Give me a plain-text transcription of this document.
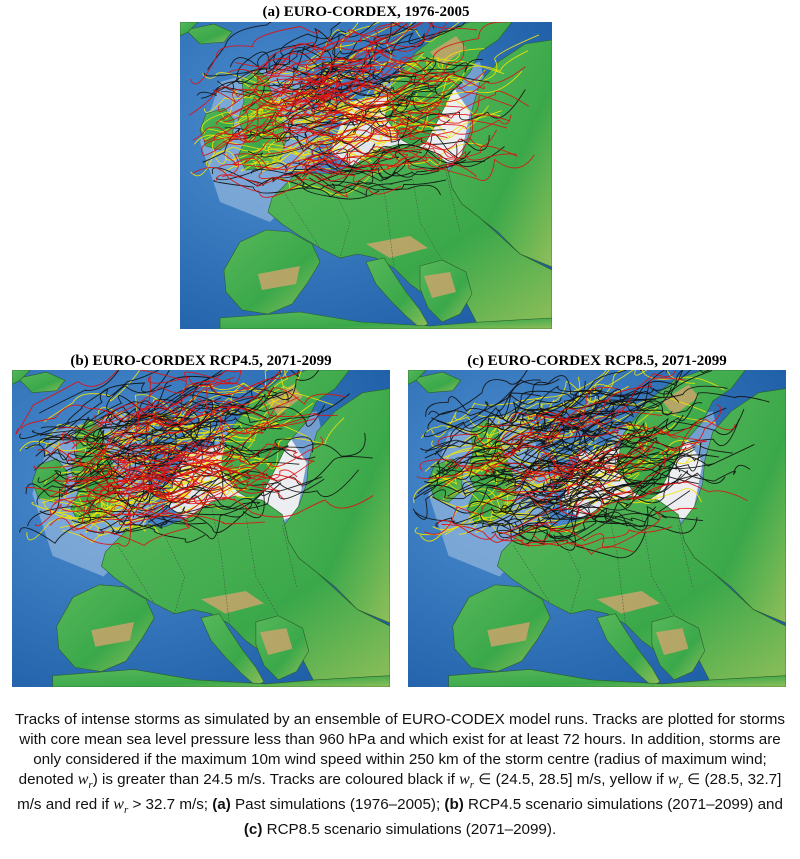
(a) EURO-CORDEX, 1976-2005
(b) EURO-CORDEX RCP4.5, 2071-2099	(c) EURO-CORDEX RCP8.5, 2071-2099
Tracks of intense storms as simulated by an ensemble of EURO-CODEX model runs. Tracks are plotted for storms with core mean sea level pressure less than 960 hPa and which exist for at least 72 hours. In addition, storms are only considered if the maximum 10m wind speed within 250 km of the storm centre (radius of maximum wind; denoted $w_r$) is greater than 24.5 m/s. Tracks are coloured black if $w_r$ ∈ (24.5, 28.5] m/s, yellow if $w_r$ ∈ (28.5, 32.7] m/s and red if $w_r > 32.7$ m/s; (a) Past simulations (1976–2005); (b) RCP4.5 scenario simulations (2071–2099) and (c) RCP8.5 scenario simulations (2071–2099).
